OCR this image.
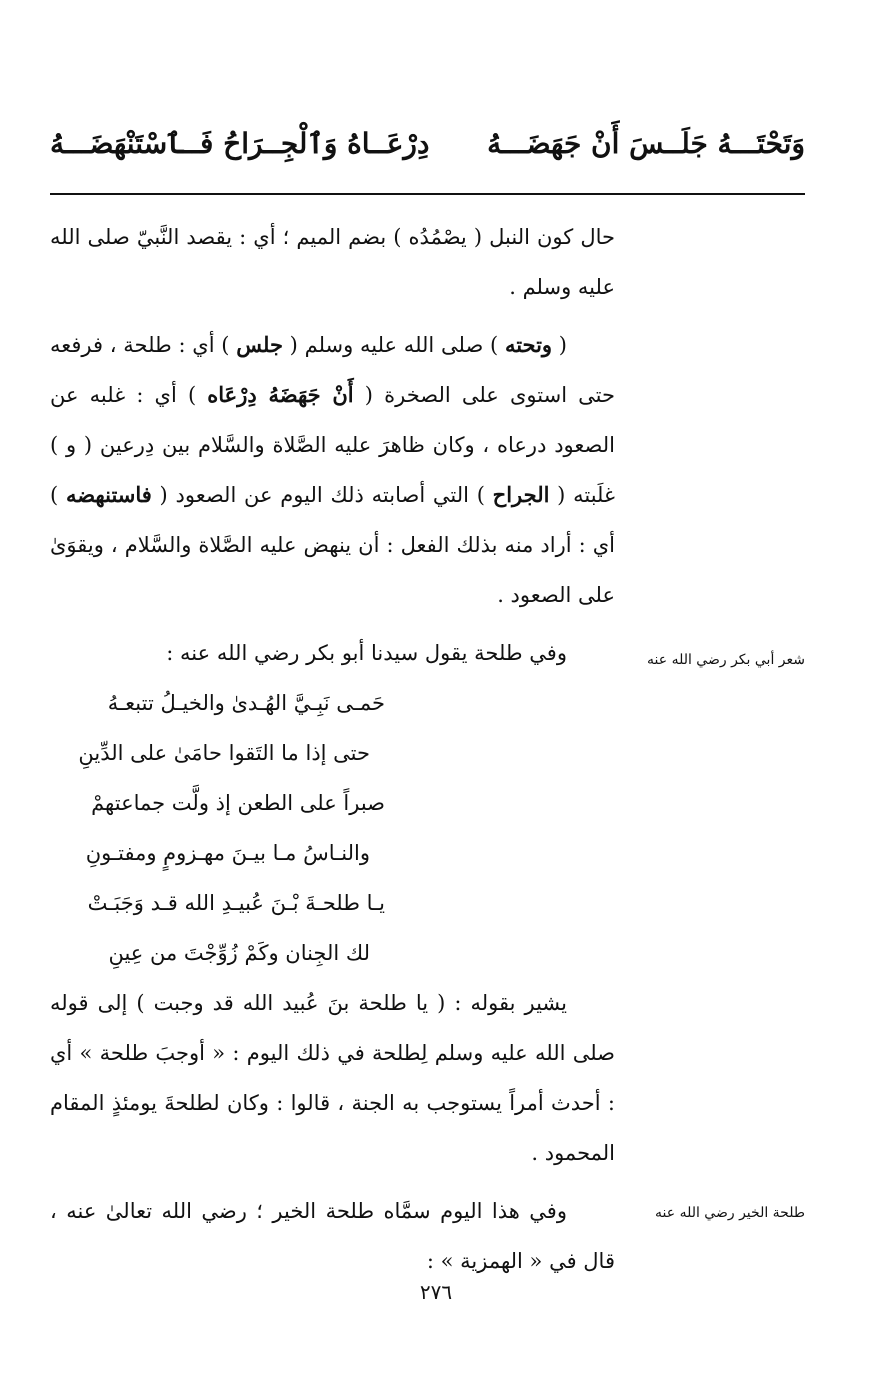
وَتَحْتَـــهُ جَلَــسَ أَنْ جَهَضَـــهُ
دِرْعَــاهُ وَٱلْجِــرَاحُ فَــٱسْتَنْهَضَـــهُ

حال كون النبل ( يصْمُدُه ) بضم الميم ؛ أي : يقصد النَّبيّ صلى الله عليه وسلم .

( وتحته ) صلى الله عليه وسلم ( جلس ) أي : طلحة ، فرفعه حتى استوى على الصخرة ( أَنْ جَهَضَهُ دِرْعَاه ) أي : غلبه عن الصعود درعاه ، وكان ظاهرَ عليه الصَّلاة والسَّلام بين دِرعين ( و ) غلَبته ( الجراح ) التي أصابته ذلك اليوم عن الصعود ( فاستنهضه ) أي : أراد منه بذلك الفعل : أن ينهض عليه الصَّلاة والسَّلام ، ويقوَىٰ على الصعود .

وفي طلحة يقول سيدنا أبو بكر رضي الله عنه :

حَمـى نَبِـيَّ الهُـدىٰ والخيـلُ تتبعـهُ

حتى إذا ما التَقوا حامَىٰ على الدِّينِ

صبراً على الطعن إذ ولَّت جماعتهمْ

والنـاسُ مـا بيـنَ مهـزومٍ ومفتـونِ

يـا طلحـةَ بْـنَ عُبيـدِ الله قـد وَجَبَـتْ

لك الجِنان وكَمْ زُوِّجْتَ من عِينِ

يشير بقوله : ( يا طلحة بنَ عُبيد الله قد وجبت ) إلى قوله صلى الله عليه وسلم لِطلحة في ذلك اليوم : « أوجبَ طلحة » أي : أحدث أمراً يستوجب به الجنة ، قالوا : وكان لطلحةَ يومئذٍ المقام المحمود .

وفي هذا اليوم سمَّاه طلحة الخير ؛ رضي الله تعالىٰ عنه ، قال في « الهمزية » :

شعر أبي بكر رضي الله عنه
طلحة الخير رضي الله عنه
٢٧٦
